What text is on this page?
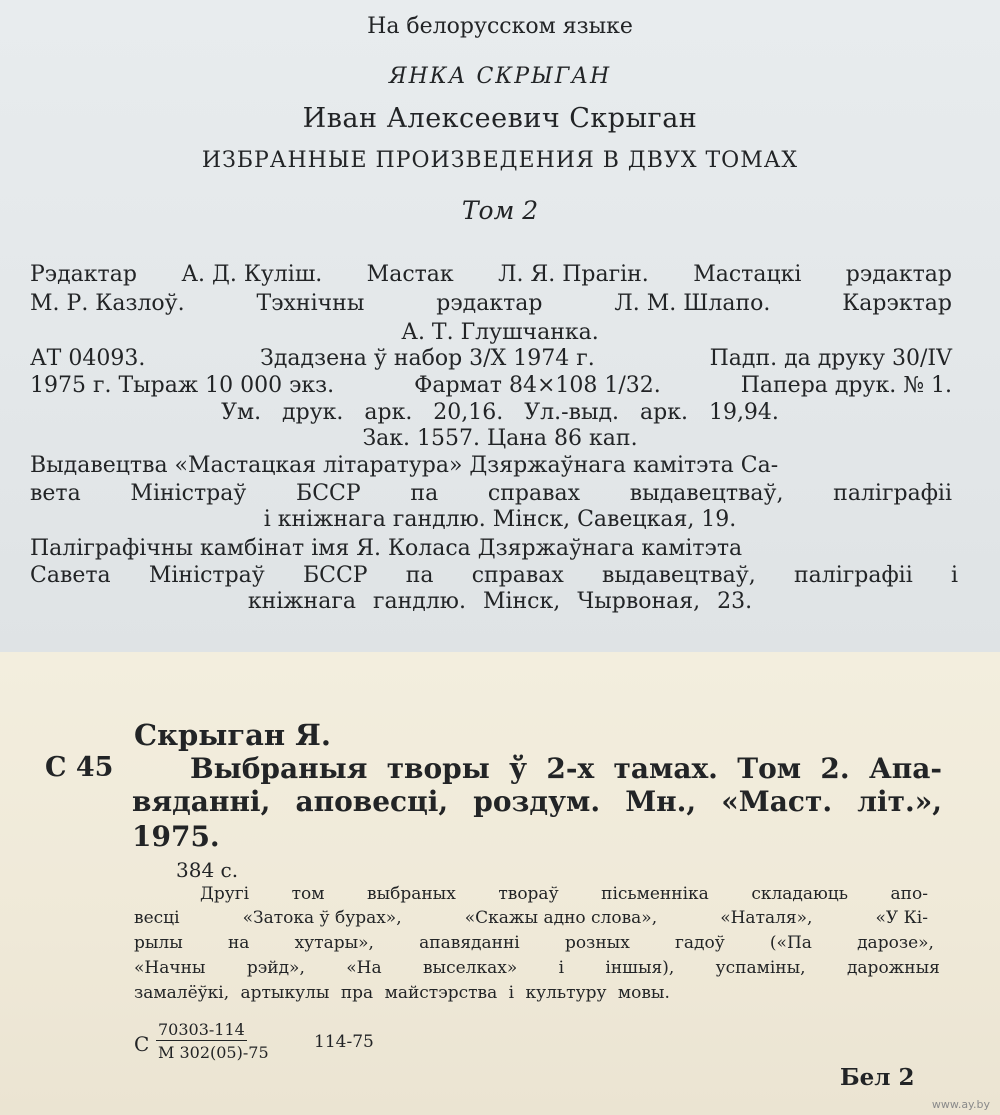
На белорусском языке
ЯНКА СКРЫГАН
Иван Алексеевич Скрыган
ИЗБРАННЫЕ ПРОИЗВЕДЕНИЯ В ДВУХ ТОМАХ
Том 2
Рэдактар А. Д. Куліш. Мастак Л. Я. Прагін. Мастацкі рэдактар
М. Р. Казлоў.	Тэхнічны	рэдактар	Л. М. Шлапо.	Карэктар
А. Т. Глушчанка.
АТ 04093.	Здадзена ў набор 3/Х 1974 г.	Падп. да друку 30/IV
1975 г. Тыраж 10 000 экз.	Фармат 84×108 1/32.	Папера друк. № 1.
Ум. друк. арк. 20,16. Ул.-выд. арк. 19,94.
Зак. 1557. Цана 86 кап.
Выдавецтва «Мастацкая літаратура» Дзяржаўнага камітэта Са-
вета Міністраў БССР па справах выдавецтваў, паліграфіі
і кніжнага гандлю. Мінск, Савецкая, 19.
Паліграфічны камбінат імя Я. Коласа Дзяржаўнага камітэта
Савета Міністраў БССР па справах выдавецтваў, паліграфіі і
кніжнага гандлю. Мінск, Чырвоная, 23.
Скрыган Я.
С 45	Выбраныя творы ў 2-х тамах. Том 2. Апа-
вяданні, аповесці, роздум. Мн., «Маст. літ.»,
1975.
384 с.
Другі	том	выбраных	твораў	пісьменніка	складаюць	апо-
весці	«Затока ў бурах»,	«Скажы адно слова»,	«Наталя»,	«У Кі-
рылы	на	хутары»,	апавяданні	розных	гадоў	(«Па	дарозе»,
«Начны рэйд», «На выселках» і іншыя), успаміны, дарожныя
замалёўкі, артыкулы пра майстэрства і культуру мовы.
С
70303-114
М 302(05)-75
114-75
Бел 2
www.ay.by
